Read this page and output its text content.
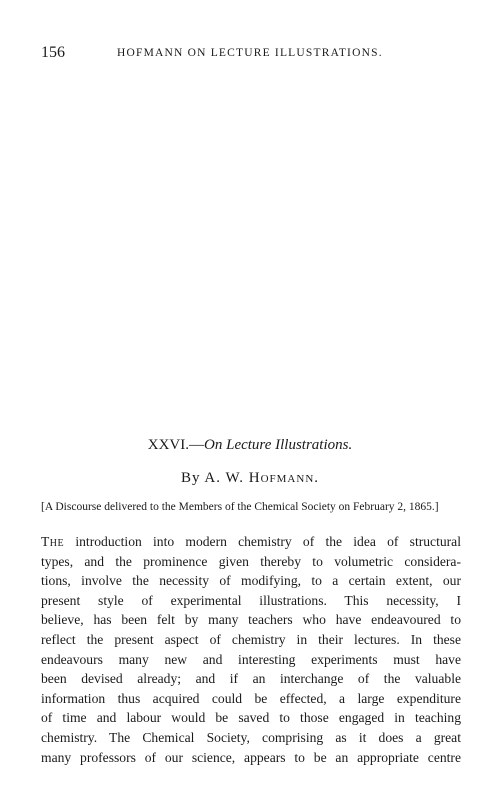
156	HOFMANN ON LECTURE ILLUSTRATIONS.
XXVI.—On Lecture Illustrations.
By A. W. Hofmann.
[A Discourse delivered to the Members of the Chemical Society on February 2, 1865.]
The introduction into modern chemistry of the idea of structural
types, and the prominence given thereby to volumetric considera-
tions, involve the necessity of modifying, to a certain extent, our
present style of experimental illustrations. This necessity, I
believe, has been felt by many teachers who have endeavoured to
reflect the present aspect of chemistry in their lectures. In these
endeavours many new and interesting experiments must have
been devised already; and if an interchange of the valuable
information thus acquired could be effected, a large expenditure
of time and labour would be saved to those engaged in teaching
chemistry. The Chemical Society, comprising as it does a great
many professors of our science, appears to be an appropriate centre
